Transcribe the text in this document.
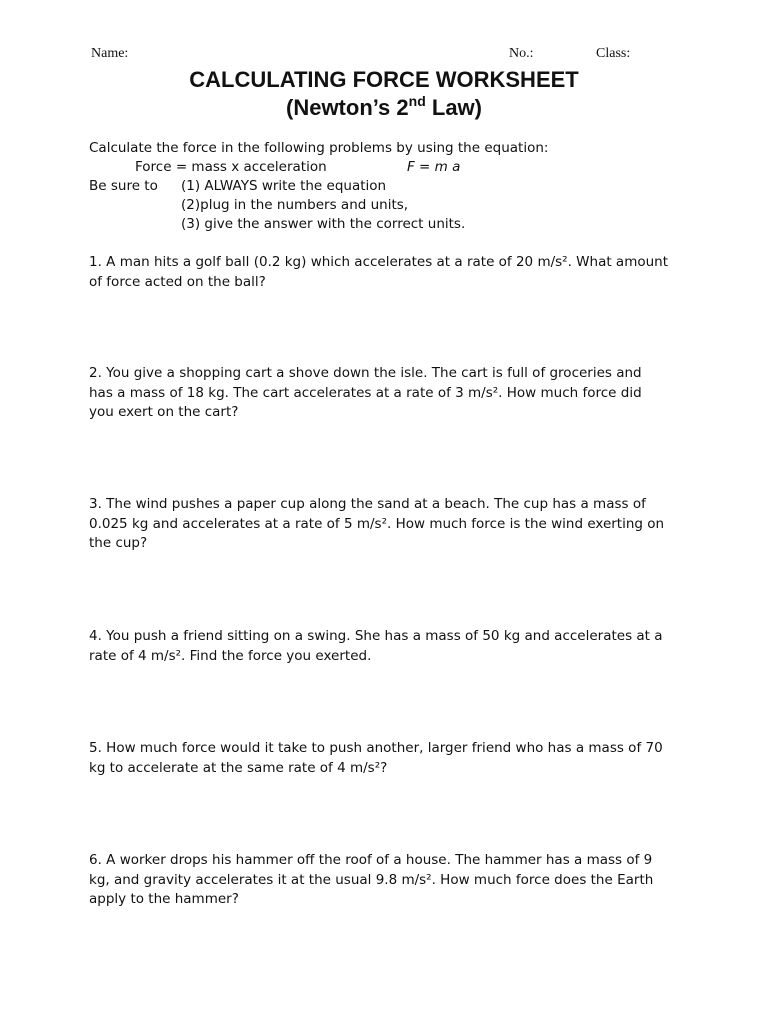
Name:	No.:	Class:
CALCULATING FORCE WORKSHEET
(Newton’s 2nd Law)
Calculate the force in the following problems by using the equation:
Force = mass x acceleration	F = m a
Be sure to (1) ALWAYS write the equation
(2)plug in the numbers and units,
(3) give the answer with the correct units.
1. A man hits a golf ball (0.2 kg) which accelerates at a rate of 20 m/s². What amount
of force acted on the ball?
2. You give a shopping cart a shove down the isle. The cart is full of groceries and
has a mass of 18 kg. The cart accelerates at a rate of 3 m/s². How much force did
you exert on the cart?
3. The wind pushes a paper cup along the sand at a beach. The cup has a mass of
0.025 kg and accelerates at a rate of 5 m/s². How much force is the wind exerting on
the cup?
4. You push a friend sitting on a swing. She has a mass of 50 kg and accelerates at a
rate of 4 m/s². Find the force you exerted.
5. How much force would it take to push another, larger friend who has a mass of 70
kg to accelerate at the same rate of 4 m/s²?
6. A worker drops his hammer off the roof of a house. The hammer has a mass of 9
kg, and gravity accelerates it at the usual 9.8 m/s². How much force does the Earth
apply to the hammer?
